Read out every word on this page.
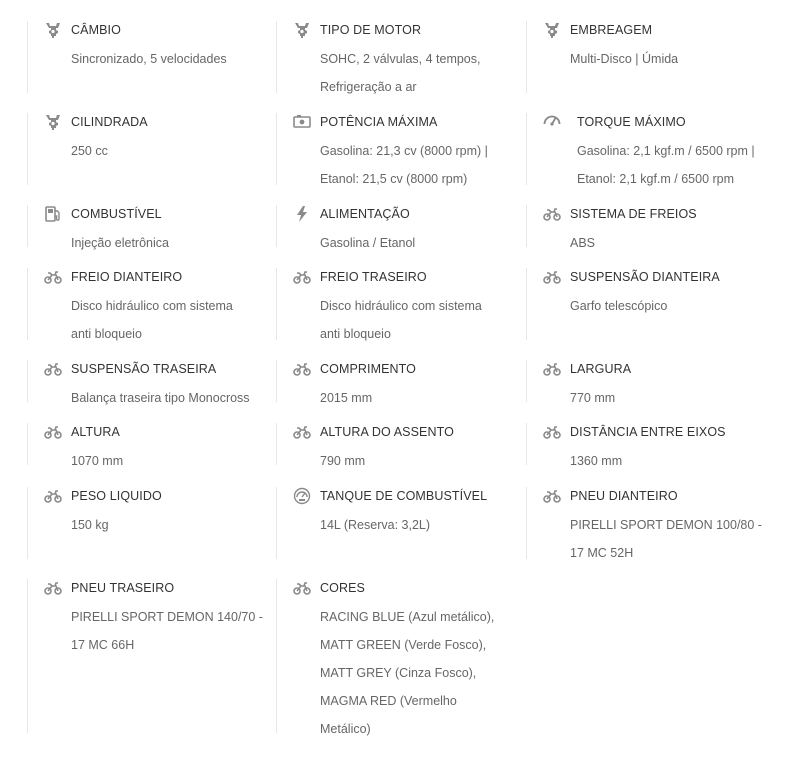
CÂMBIO
Sincronizado, 5 velocidades
TIPO DE MOTOR
SOHC, 2 válvulas, 4 tempos,
Refrigeração a ar
EMBREAGEM
Multi-Disco | Úmida
CILINDRADA
250 cc
POTÊNCIA MÁXIMA
Gasolina: 21,3 cv (8000 rpm) |
Etanol: 21,5 cv (8000 rpm)
TORQUE MÁXIMO
Gasolina: 2,1 kgf.m / 6500 rpm |
Etanol: 2,1 kgf.m / 6500 rpm
COMBUSTÍVEL
Injeção eletrônica
ALIMENTAÇÃO
Gasolina / Etanol
SISTEMA DE FREIOS
ABS
FREIO DIANTEIRO
Disco hidráulico com sistema
anti bloqueio
FREIO TRASEIRO
Disco hidráulico com sistema
anti bloqueio
SUSPENSÃO DIANTEIRA
Garfo telescópico
SUSPENSÃO TRASEIRA
Balança traseira tipo Monocross
COMPRIMENTO
2015 mm
LARGURA
770 mm
ALTURA
1070 mm
ALTURA DO ASSENTO
790 mm
DISTÂNCIA ENTRE EIXOS
1360 mm
PESO LIQUIDO
150 kg
TANQUE DE COMBUSTÍVEL
14L (Reserva: 3,2L)
PNEU DIANTEIRO
PIRELLI SPORT DEMON 100/80 -
17 MC 52H
PNEU TRASEIRO
PIRELLI SPORT DEMON 140/70 -
17 MC 66H
CORES
RACING BLUE (Azul metálico),
MATT GREEN (Verde Fosco),
MATT GREY (Cinza Fosco),
MAGMA RED (Vermelho
Metálico)
